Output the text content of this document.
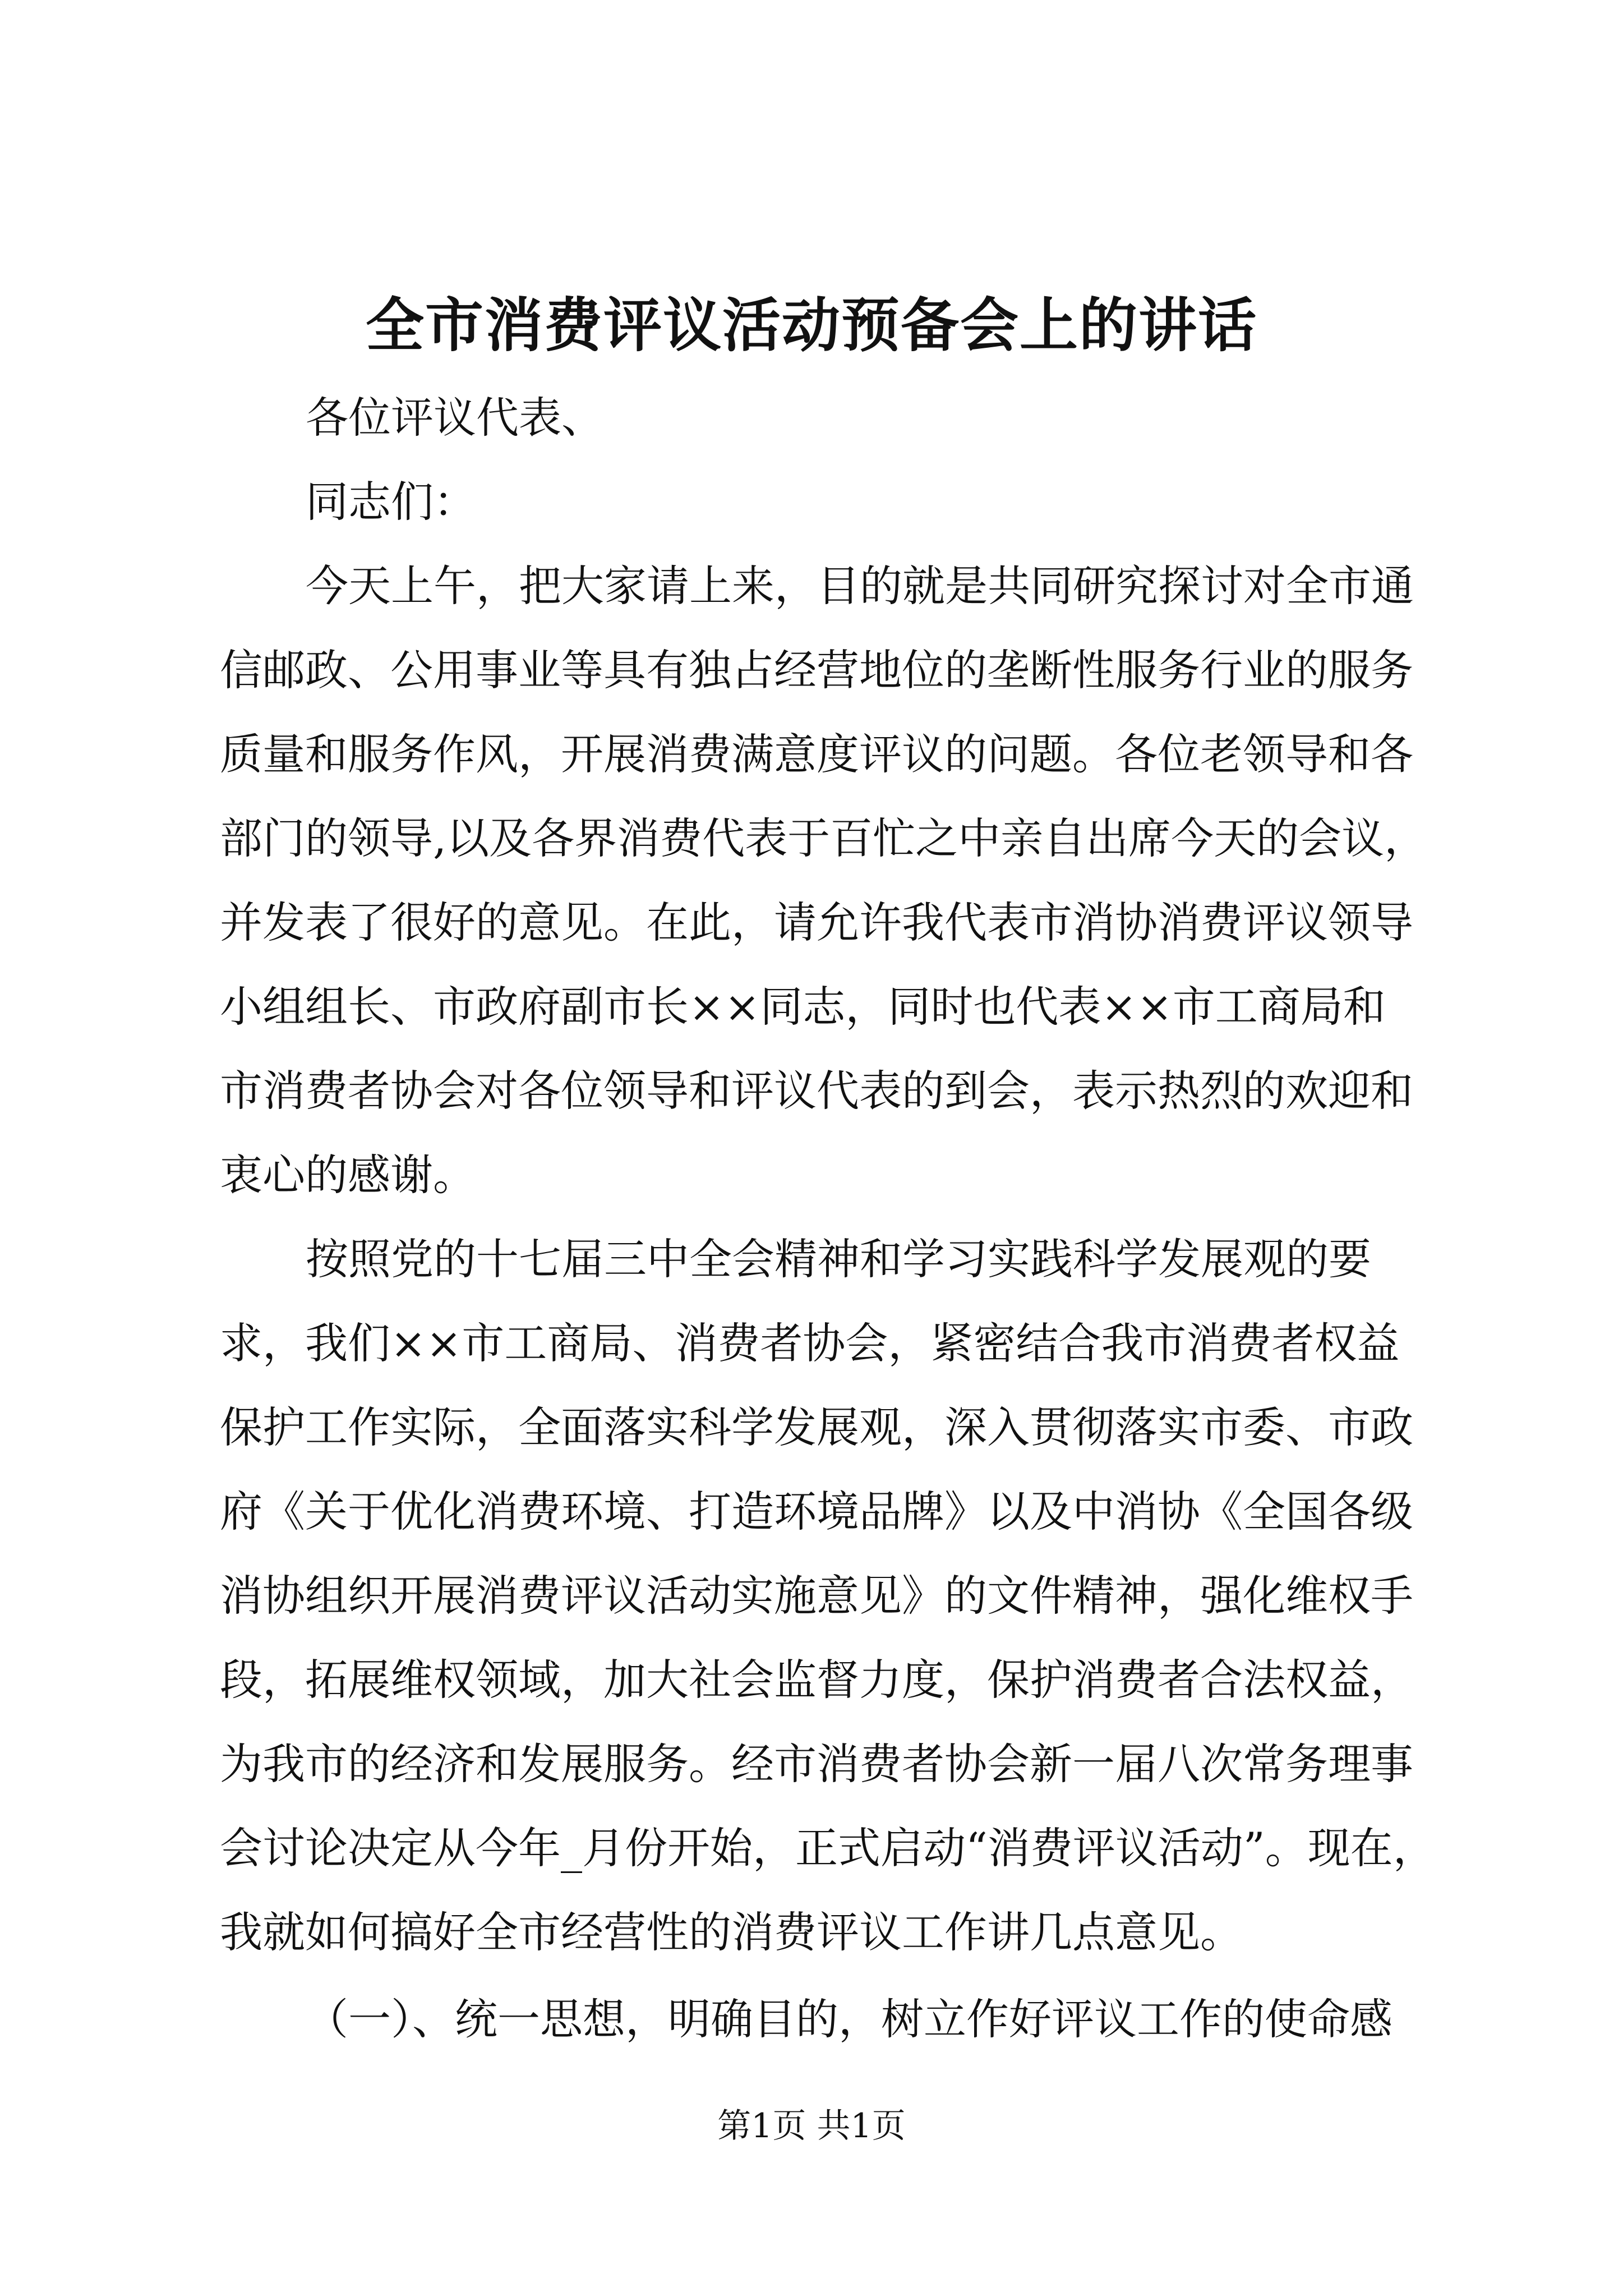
全市消费评议活动预备会上的讲话
各位评议代表、
同志们：
今天上午，把大家请上来，目的就是共同研究探讨对全市通
信邮政、公用事业等具有独占经营地位的垄断性服务行业的服务
质量和服务作风，开展消费满意度评议的问题。各位老领导和各
部门的领导,以及各界消费代表于百忙之中亲自出席今天的会议，
并发表了很好的意见。在此，请允许我代表市消协消费评议领导
小组组长、市政府副市长××同志，同时也代表××市工商局和
市消费者协会对各位领导和评议代表的到会，表示热烈的欢迎和
衷心的感谢。
按照党的十七届三中全会精神和学习实践科学发展观的要
求，我们××市工商局、消费者协会，紧密结合我市消费者权益
保护工作实际，全面落实科学发展观，深入贯彻落实市委、市政
府《关于优化消费环境、打造环境品牌》以及中消协《全国各级
消协组织开展消费评议活动实施意见》的文件精神，强化维权手
段，拓展维权领域，加大社会监督力度，保护消费者合法权益，
为我市的经济和发展服务。经市消费者协会新一届八次常务理事
会讨论决定从今年_月份开始，正式启动“消费评议活动”。现在，
我就如何搞好全市经营性的消费评议工作讲几点意见。
（一）、统一思想，明确目的，树立作好评议工作的使命感
第1页 共1页
